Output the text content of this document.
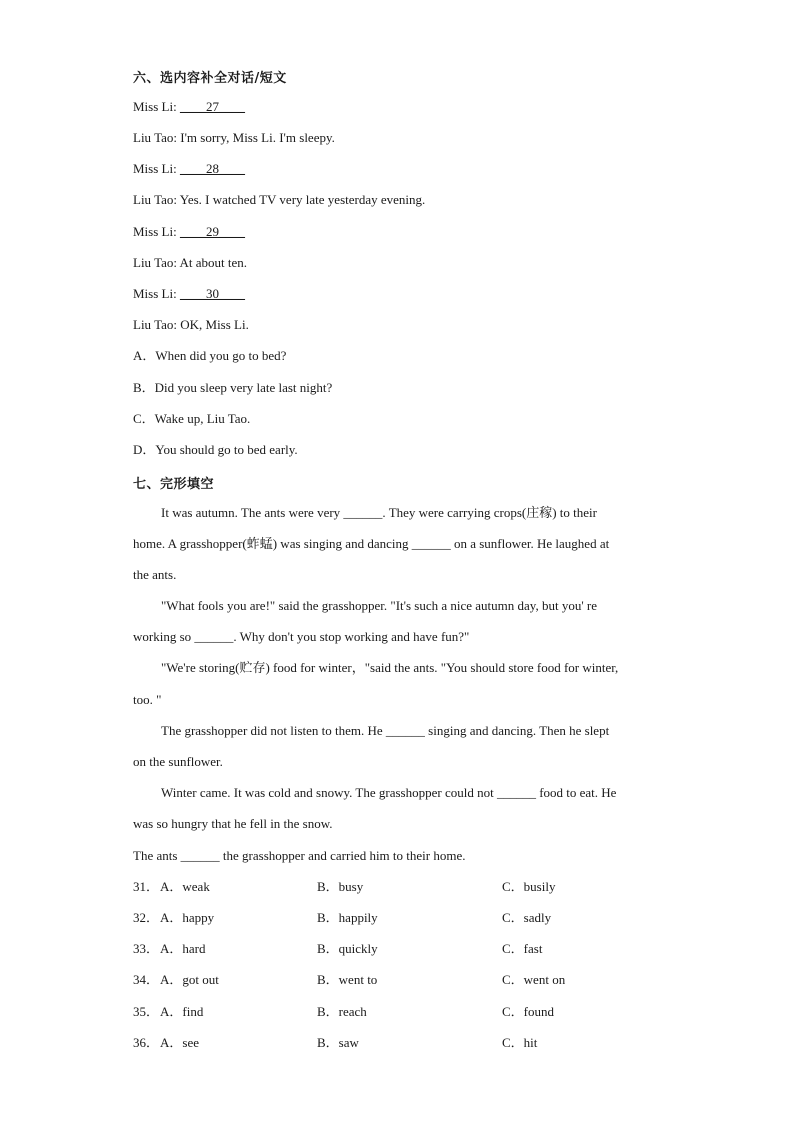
六、选内容补全对话/短文
Miss Li: ____27____
Liu Tao: I'm sorry, Miss Li. I'm sleepy.
Miss Li: ____28____
Liu Tao: Yes. I watched TV very late yesterday evening.
Miss Li: ____29____
Liu Tao: At about ten.
Miss Li: ____30____
Liu Tao: OK, Miss Li.
A．When did you go to bed?
B．Did you sleep very late last night?
C．Wake up, Liu Tao.
D．You should go to bed early.
七、完形填空
It was autumn. The ants were very ______. They were carrying crops(庄稼) to their
home. A grasshopper(蚱蜢) was singing and dancing ______ on a sunflower. He laughed at
the ants.
"What fools you are!" said the grasshopper. "It's such a nice autumn day, but you' re
working so ______. Why don't you stop working and have fun?"
"We're storing(贮存) food for winter，"said the ants. "You should store food for winter,
too. "
The grasshopper did not listen to them. He ______ singing and dancing. Then he slept
on the sunflower.
Winter came. It was cold and snowy. The grasshopper could not ______ food to eat. He
was so hungry that he fell in the snow.
The ants ______ the grasshopper and carried him to their home.
31． A．weak	B．busy	C．busily
32． A．happy	B．happily	C．sadly
33． A．hard	B．quickly	C．fast
34． A．got out	B．went to	C．went on
35． A．find	B．reach	C．found
36． A．see	B．saw	C．hit
